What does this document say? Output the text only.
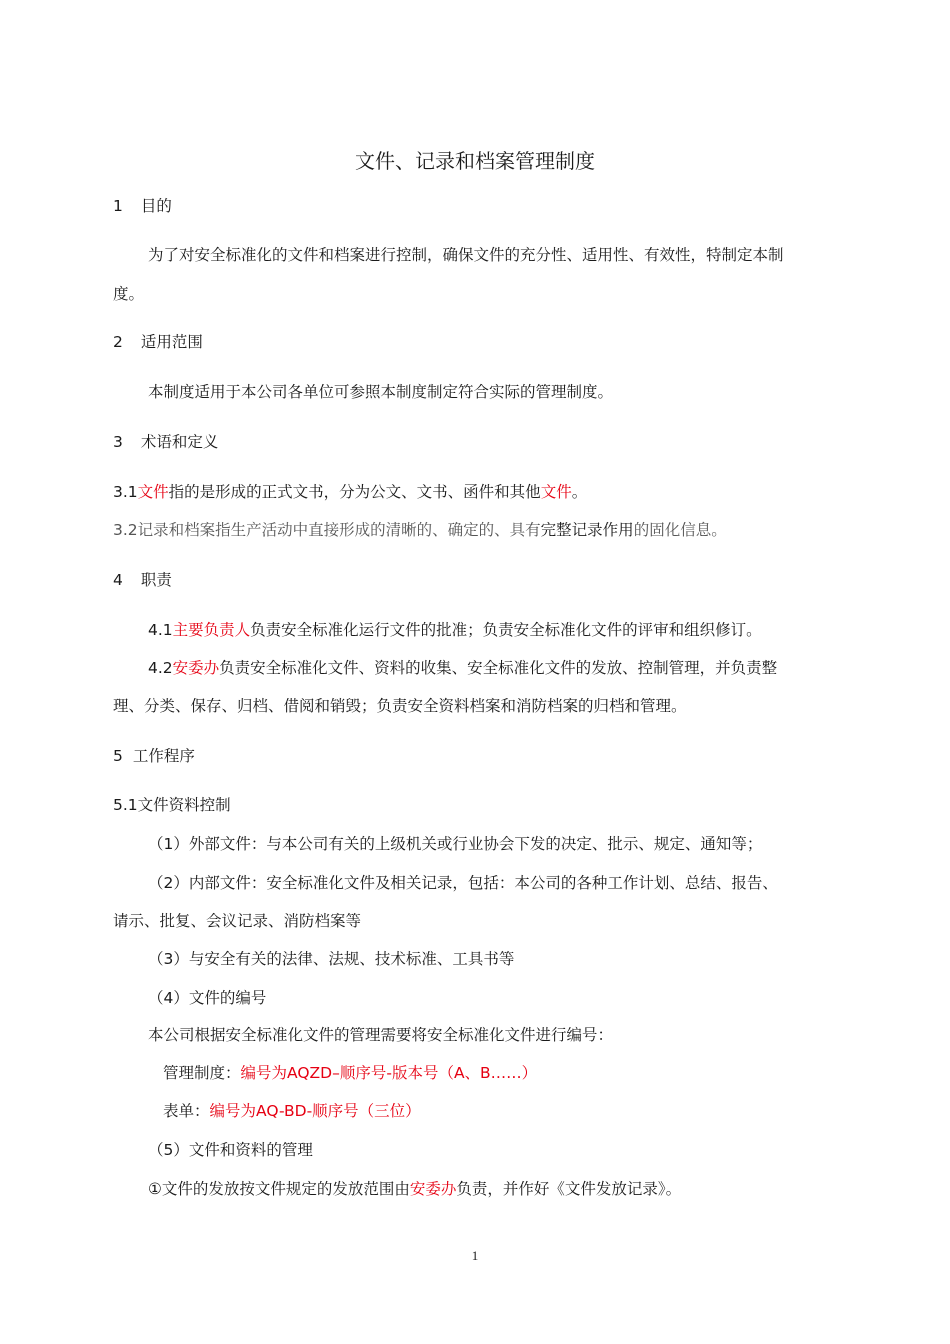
文件、记录和档案管理制度
1 目的
为了对安全标准化的文件和档案进行控制，确保文件的充分性、适用性、有效性，特制定本制
度。
2 适用范围
本制度适用于本公司各单位可参照本制度制定符合实际的管理制度。
3 术语和定义
3.1文件指的是形成的正式文书，分为公文、文书、函件和其他文件。
3.2记录和档案指生产活动中直接形成的清晰的、确定的、具有完整记录作用的固化信息。
4 职责
4.1主要负责人负责安全标准化运行文件的批准；负责安全标准化文件的评审和组织修订。
4.2安委办负责安全标准化文件、资料的收集、安全标准化文件的发放、控制管理，并负责整
理、分类、保存、归档、借阅和销毁；负责安全资料档案和消防档案的归档和管理。
5 工作程序
5.1文件资料控制
（1）外部文件：与本公司有关的上级机关或行业协会下发的决定、批示、规定、通知等；
（2）内部文件：安全标准化文件及相关记录，包括：本公司的各种工作计划、总结、报告、
请示、批复、会议记录、消防档案等
（3）与安全有关的法律、法规、技术标准、工具书等
（4）文件的编号
本公司根据安全标准化文件的管理需要将安全标准化文件进行编号：
管理制度：编号为AQZD–顺序号-版本号（A、B……）
表单：编号为AQ-BD-顺序号（三位）
（5）文件和资料的管理
①文件的发放按文件规定的发放范围由安委办负责，并作好《文件发放记录》。
1
